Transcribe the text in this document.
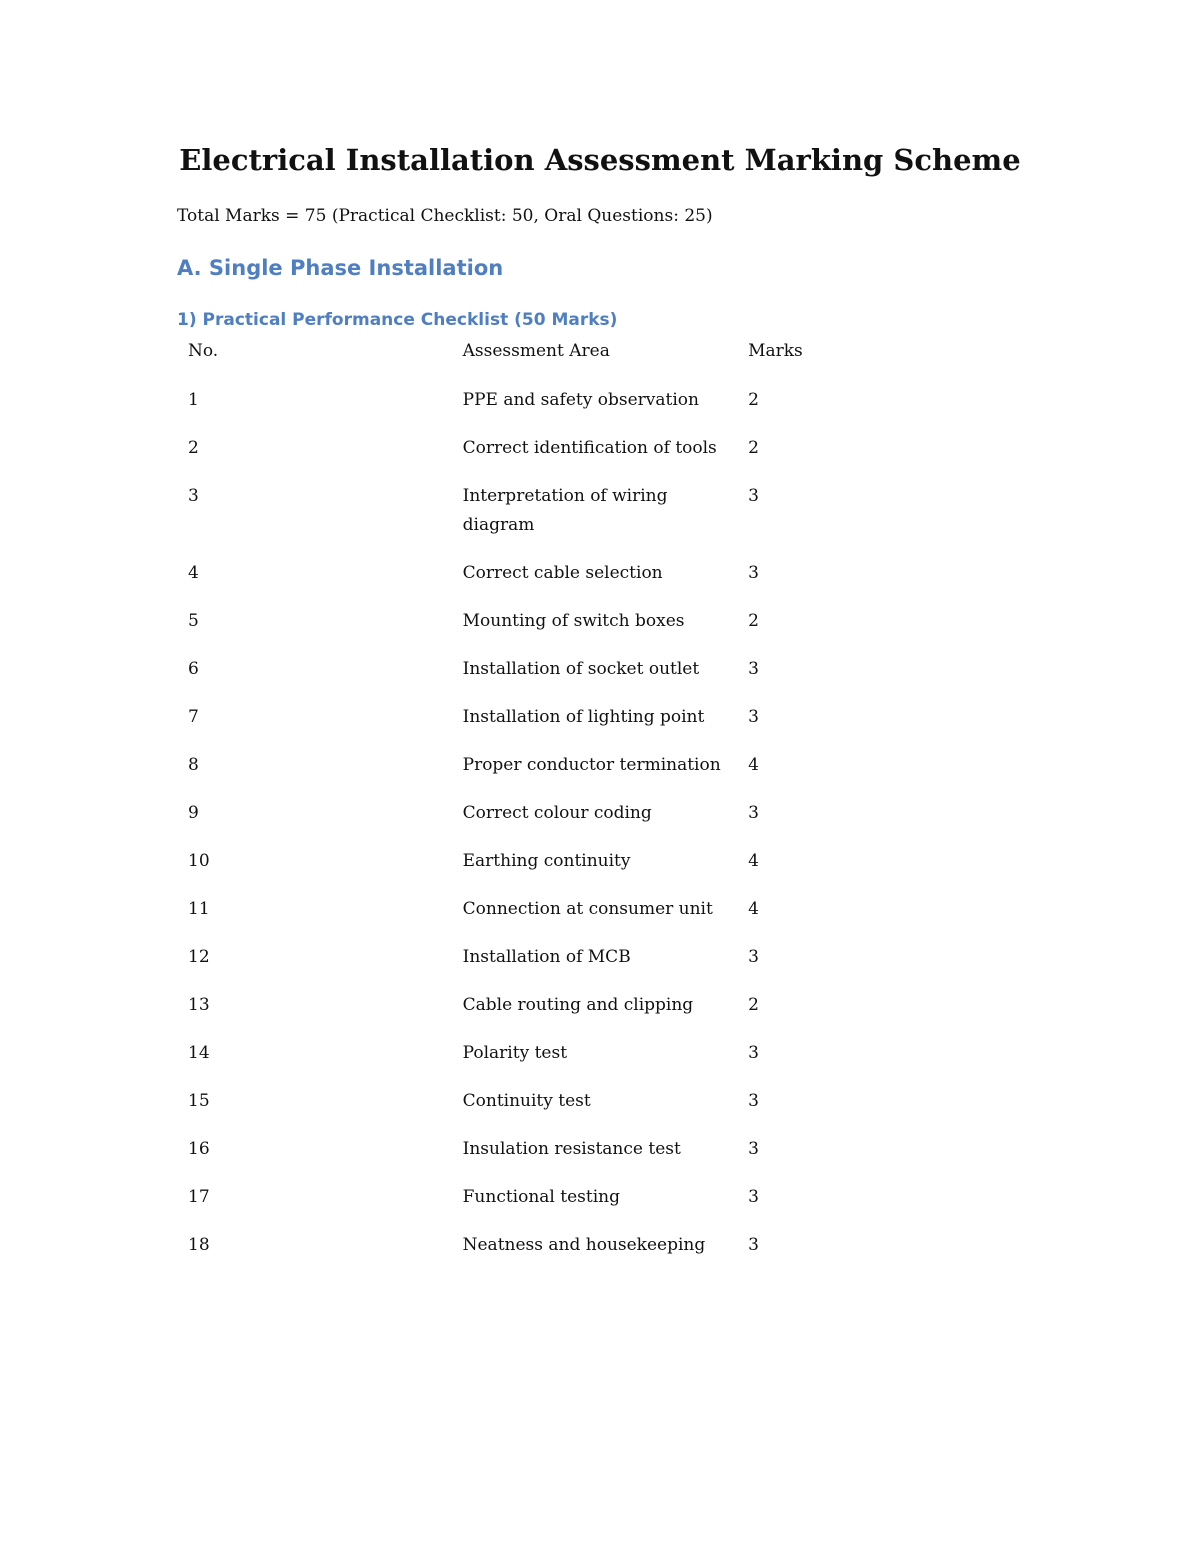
Electrical Installation Assessment Marking Scheme

Total Marks = 75 (Practical Checklist: 50, Oral Questions: 25)

A. Single Phase Installation
1) Practical Performance Checklist (50 Marks)
No.	Assessment Area	Marks
1	PPE and safety observation	2
2	Correct identification of tools	2
3	Interpretation of wiring diagram	3
4	Correct cable selection	3
5	Mounting of switch boxes	2
6	Installation of socket outlet	3
7	Installation of lighting point	3
8	Proper conductor termination	4
9	Correct colour coding	3
10	Earthing continuity	4
11	Connection at consumer unit	4
12	Installation of MCB	3
13	Cable routing and clipping	2
14	Polarity test	3
15	Continuity test	3
16	Insulation resistance test	3
17	Functional testing	3
18	Neatness and housekeeping	3
